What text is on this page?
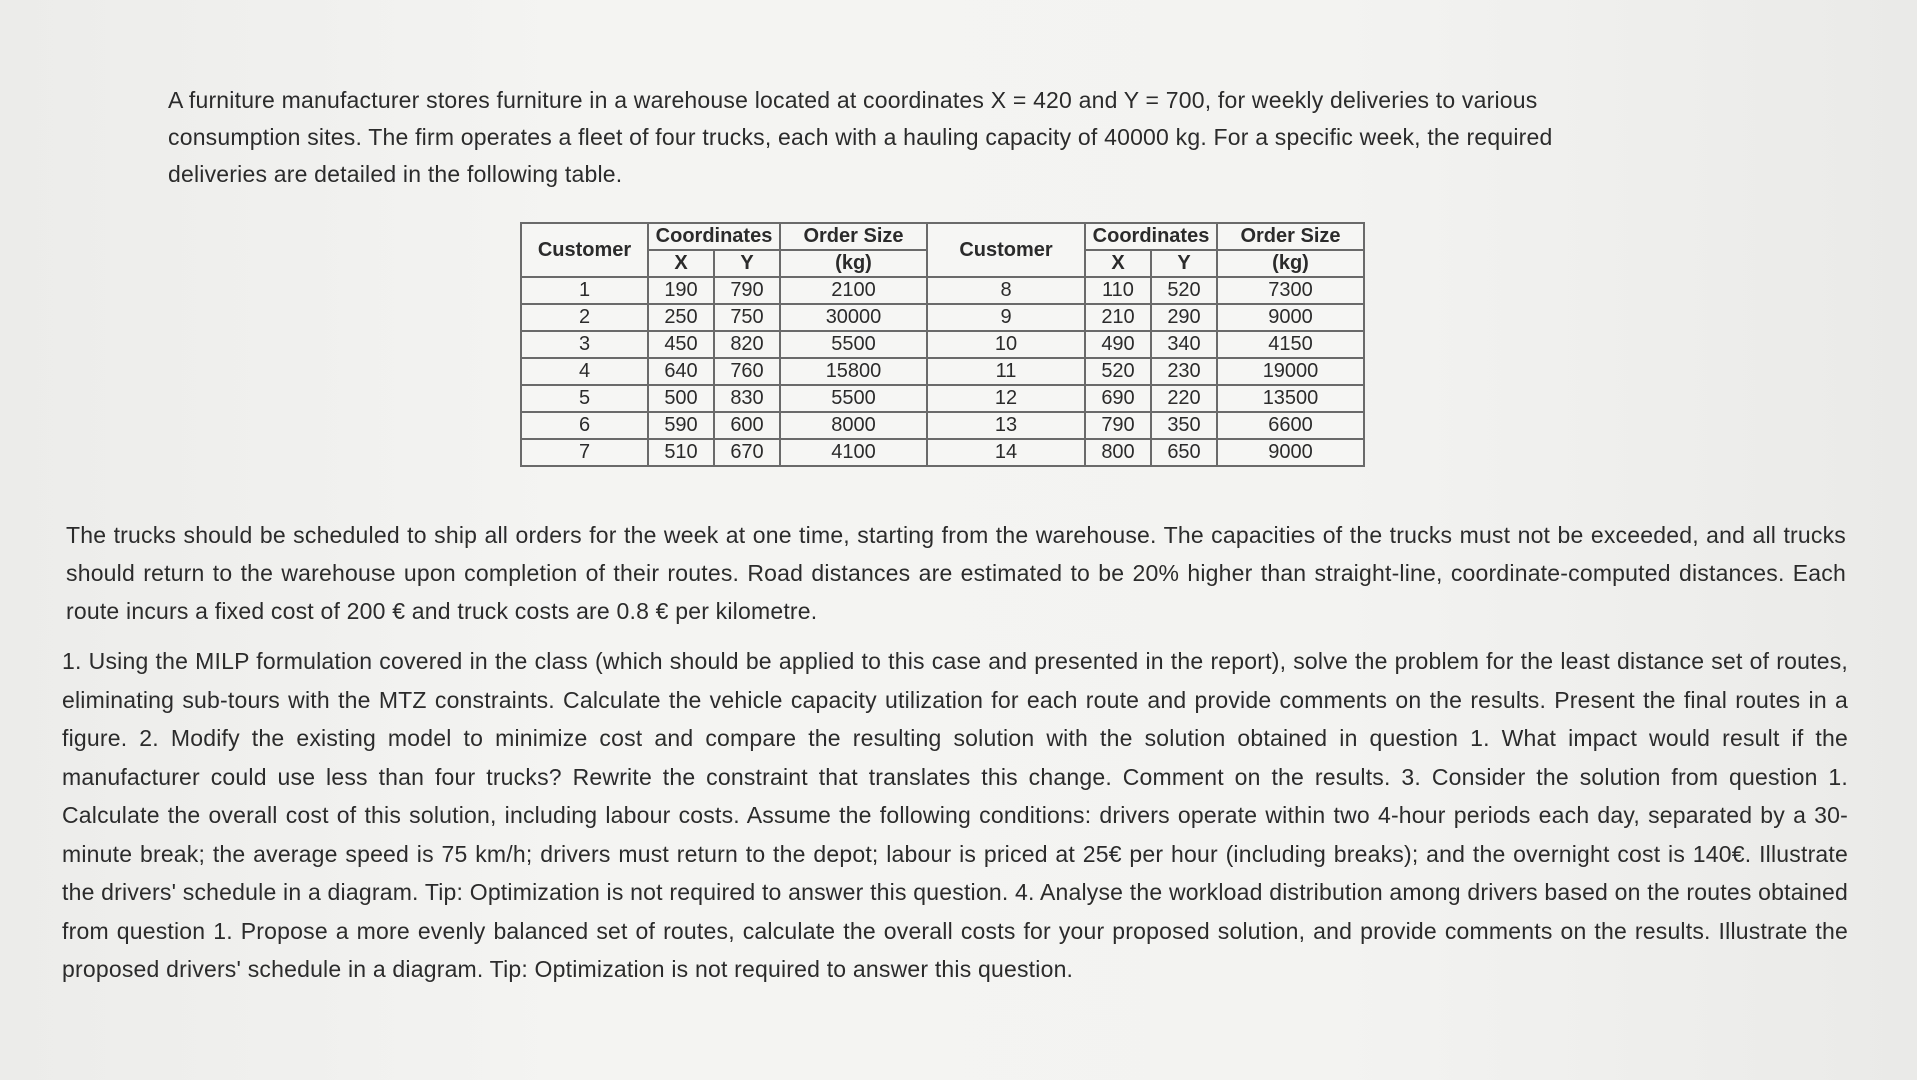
A furniture manufacturer stores furniture in a warehouse located at coordinates X = 420 and Y = 700, for weekly deliveries to various

consumption sites. The firm operates a fleet of four trucks, each with a hauling capacity of 40000 kg. For a specific week, the required

deliveries are detailed in the following table.

Customer	Coordinates		Order Size	Customer	Coordinates		Order Size
	X	Y	(kg)		X	Y	(kg)
1	190	790	2100	8	110	520	7300
2	250	750	30000	9	210	290	9000
3	450	820	5500	10	490	340	4150
4	640	760	15800	11	520	230	19000
5	500	830	5500	12	690	220	13500
6	590	600	8000	13	790	350	6600
7	510	670	4100	14	800	650	9000

The trucks should be scheduled to ship all orders for the week at one time, starting from the warehouse. The capacities of the trucks must not be exceeded, and all trucks should return to the warehouse upon completion of their routes. Road distances are estimated to be 20% higher than straight-line, coordinate-computed distances. Each route incurs a fixed cost of 200 € and truck costs are 0.8 € per kilometre.

1. Using the MILP formulation covered in the class (which should be applied to this case and presented in the report), solve the problem for the least distance set of routes, eliminating sub-tours with the MTZ constraints. Calculate the vehicle capacity utilization for each route and provide comments on the results. Present the final routes in a figure. 2. Modify the existing model to minimize cost and compare the resulting solution with the solution obtained in question 1. What impact would result if the manufacturer could use less than four trucks? Rewrite the constraint that translates this change. Comment on the results. 3. Consider the solution from question 1. Calculate the overall cost of this solution, including labour costs. Assume the following conditions: drivers operate within two 4-hour periods each day, separated by a 30-minute break; the average speed is 75 km/h; drivers must return to the depot; labour is priced at 25€ per hour (including breaks); and the overnight cost is 140€. Illustrate the drivers' schedule in a diagram. Tip: Optimization is not required to answer this question. 4. Analyse the workload distribution among drivers based on the routes obtained from question 1. Propose a more evenly balanced set of routes, calculate the overall costs for your proposed solution, and provide comments on the results. Illustrate the proposed drivers' schedule in a diagram. Tip: Optimization is not required to answer this question.
